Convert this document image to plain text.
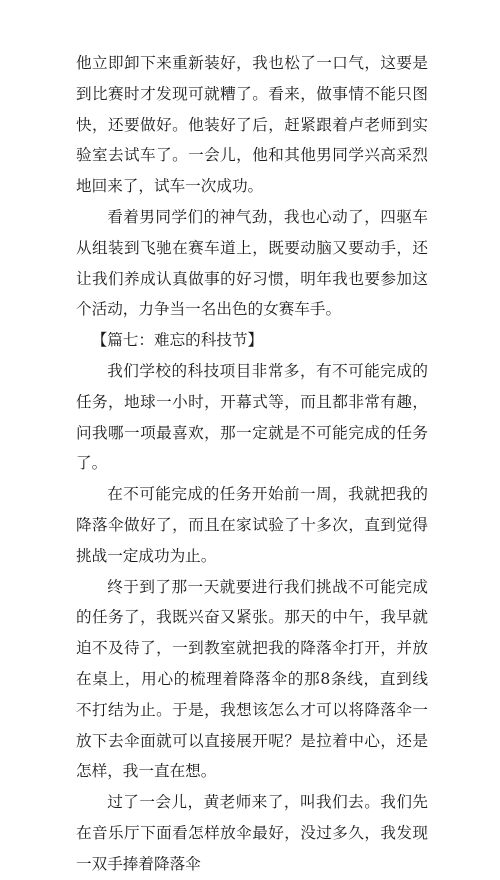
他立即卸下来重新装好，我也松了一口气，这要是到比赛时才发现可就糟了。看来，做事情不能只图快，还要做好。他装好了后，赶紧跟着卢老师到实验室去试车了。一会儿，他和其他男同学兴高采烈地回来了，试车一次成功。

看着男同学们的神气劲，我也心动了，四驱车从组装到飞驰在赛车道上，既要动脑又要动手，还让我们养成认真做事的好习惯，明年我也要参加这个活动，力争当一名出色的女赛车手。

【篇七：难忘的科技节】

我们学校的科技项目非常多，有不可能完成的任务，地球一小时，开幕式等，而且都非常有趣，问我哪一项最喜欢，那一定就是不可能完成的任务了。

在不可能完成的任务开始前一周，我就把我的降落伞做好了，而且在家试验了十多次，直到觉得挑战一定成功为止。

终于到了那一天就要进行我们挑战不可能完成的任务了，我既兴奋又紧张。那天的中午，我早就迫不及待了，一到教室就把我的降落伞打开，并放在桌上，用心的梳理着降落伞的那8条线，直到线不打结为止。于是，我想该怎么才可以将降落伞一放下去伞面就可以直接展开呢？是拉着中心，还是怎样，我一直在想。

过了一会儿，黄老师来了，叫我们去。我们先在音乐厅下面看怎样放伞最好，没过多久，我发现一双手捧着降落伞
